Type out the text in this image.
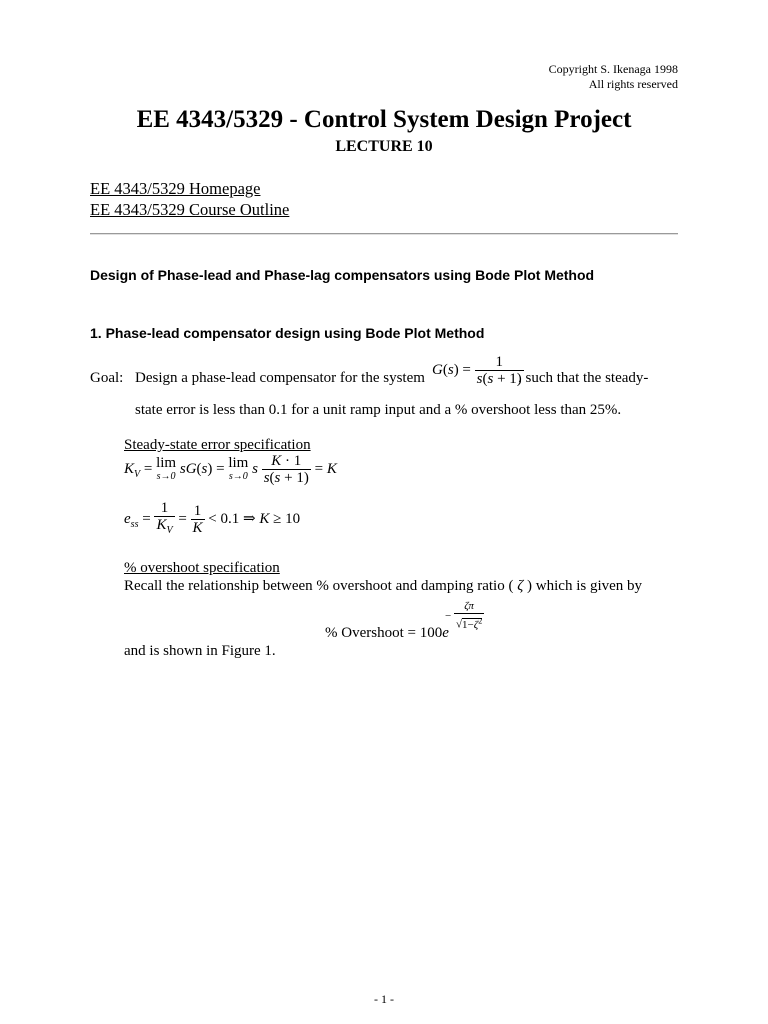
Copyright S. Ikenaga 1998
All rights reserved
EE 4343/5329 - Control System Design Project
LECTURE 10
EE 4343/5329 Homepage
EE 4343/5329 Course Outline
Design of Phase-lead and Phase-lag compensators using Bode Plot Method
1. Phase-lead compensator design using Bode Plot Method
Goal: Design a phase-lead compensator for the system
$G(s) = \frac{1}{s(s + 1)}$
, such that the steady-
state error is less than 0.1 for a unit ramp input and a % overshoot less than 25%.
Steady-state error specification
$K_V = \lim$
s→0 sG(s) = lim
s→0 s $\frac{K \cdot 1}{s(s + 1)} = K$
$e_{ss} = \frac{1}{K_V} = \frac{1}{K} < 0.1$ ⇒ K ≥ 10
% overshoot specification
Recall the relationship between % overshoot and damping ratio ( ζ ) which is given by
% Overshoot = 100e
− $\frac{\zeta\pi}{√1-\zeta^2}$
and is shown in Figure 1.
- 1 -
